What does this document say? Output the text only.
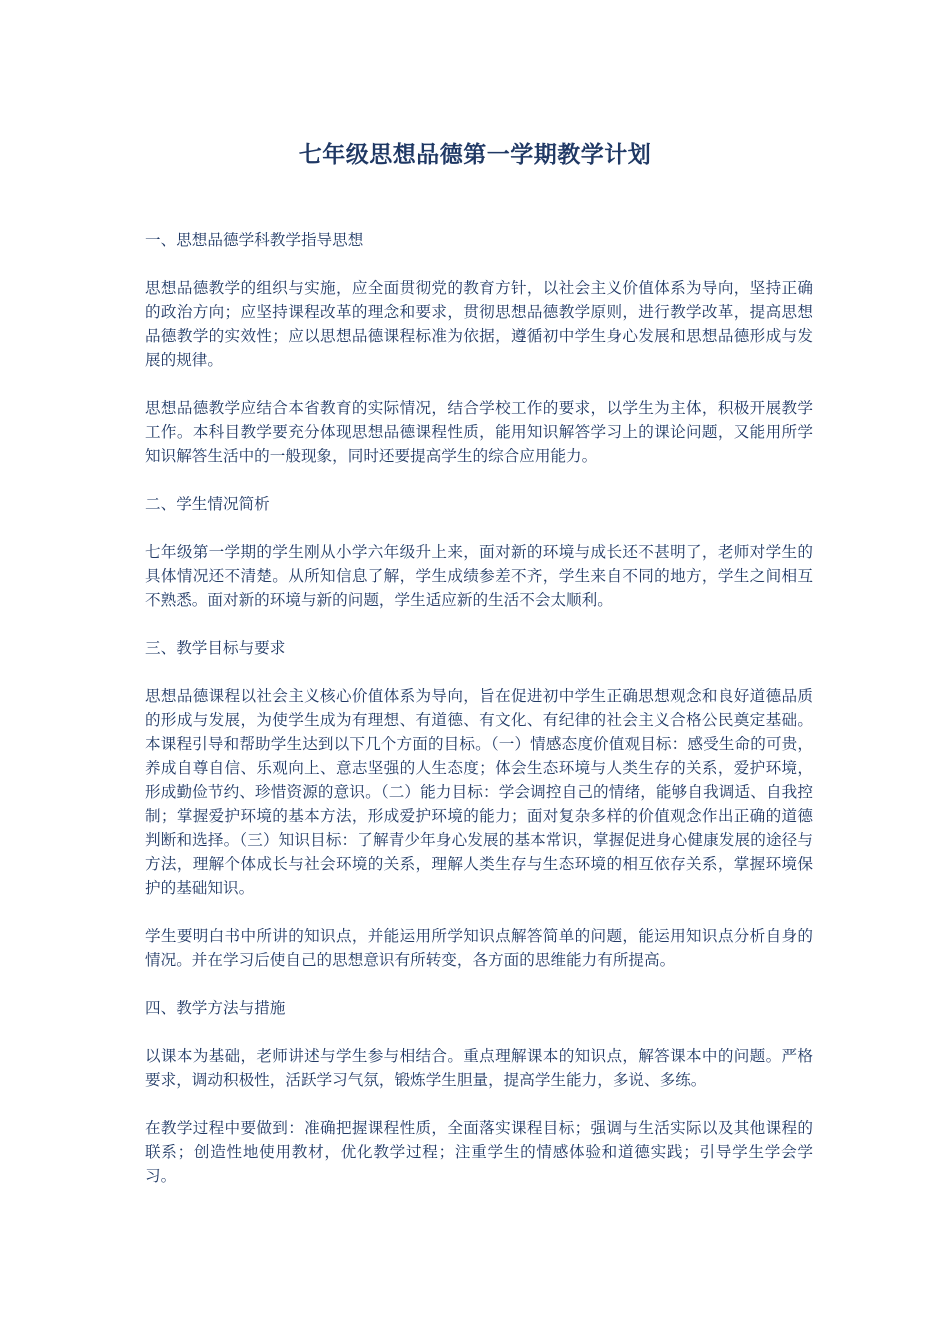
七年级思想品德第一学期教学计划

一、思想品德学科教学指导思想

思想品德教学的组织与实施，应全面贯彻党的教育方针，以社会主义价值体系为导向，坚持正确的政治方向；应坚持课程改革的理念和要求，贯彻思想品德教学原则，进行教学改革，提高思想品德教学的实效性；应以思想品德课程标准为依据，遵循初中学生身心发展和思想品德形成与发展的规律。

思想品德教学应结合本省教育的实际情况，结合学校工作的要求，以学生为主体，积极开展教学工作。本科目教学要充分体现思想品德课程性质，能用知识解答学习上的课论问题，又能用所学知识解答生活中的一般现象，同时还要提高学生的综合应用能力。

二、学生情况简析

七年级第一学期的学生刚从小学六年级升上来，面对新的环境与成长还不甚明了，老师对学生的具体情况还不清楚。从所知信息了解，学生成绩参差不齐，学生来自不同的地方，学生之间相互不熟悉。面对新的环境与新的问题，学生适应新的生活不会太顺利。

三、教学目标与要求

思想品德课程以社会主义核心价值体系为导向，旨在促进初中学生正确思想观念和良好道德品质的形成与发展，为使学生成为有理想、有道德、有文化、有纪律的社会主义合格公民奠定基础。本课程引导和帮助学生达到以下几个方面的目标。（一）情感态度价值观目标：感受生命的可贵，养成自尊自信、乐观向上、意志坚强的人生态度；体会生态环境与人类生存的关系，爱护环境，形成勤俭节约、珍惜资源的意识。（二）能力目标：学会调控自己的情绪，能够自我调适、自我控制；掌握爱护环境的基本方法，形成爱护环境的能力；面对复杂多样的价值观念作出正确的道德判断和选择。（三）知识目标：了解青少年身心发展的基本常识，掌握促进身心健康发展的途径与方法，理解个体成长与社会环境的关系，理解人类生存与生态环境的相互依存关系，掌握环境保护的基础知识。

学生要明白书中所讲的知识点，并能运用所学知识点解答简单的问题，能运用知识点分析自身的情况。并在学习后使自己的思想意识有所转变，各方面的思维能力有所提高。

四、教学方法与措施

以课本为基础，老师讲述与学生参与相结合。重点理解课本的知识点，解答课本中的问题。严格要求，调动积极性，活跃学习气氛，锻炼学生胆量，提高学生能力，多说、多练。

在教学过程中要做到：准确把握课程性质，全面落实课程目标；强调与生活实际以及其他课程的联系；创造性地使用教材，优化教学过程；注重学生的情感体验和道德实践；引导学生学会学习。
